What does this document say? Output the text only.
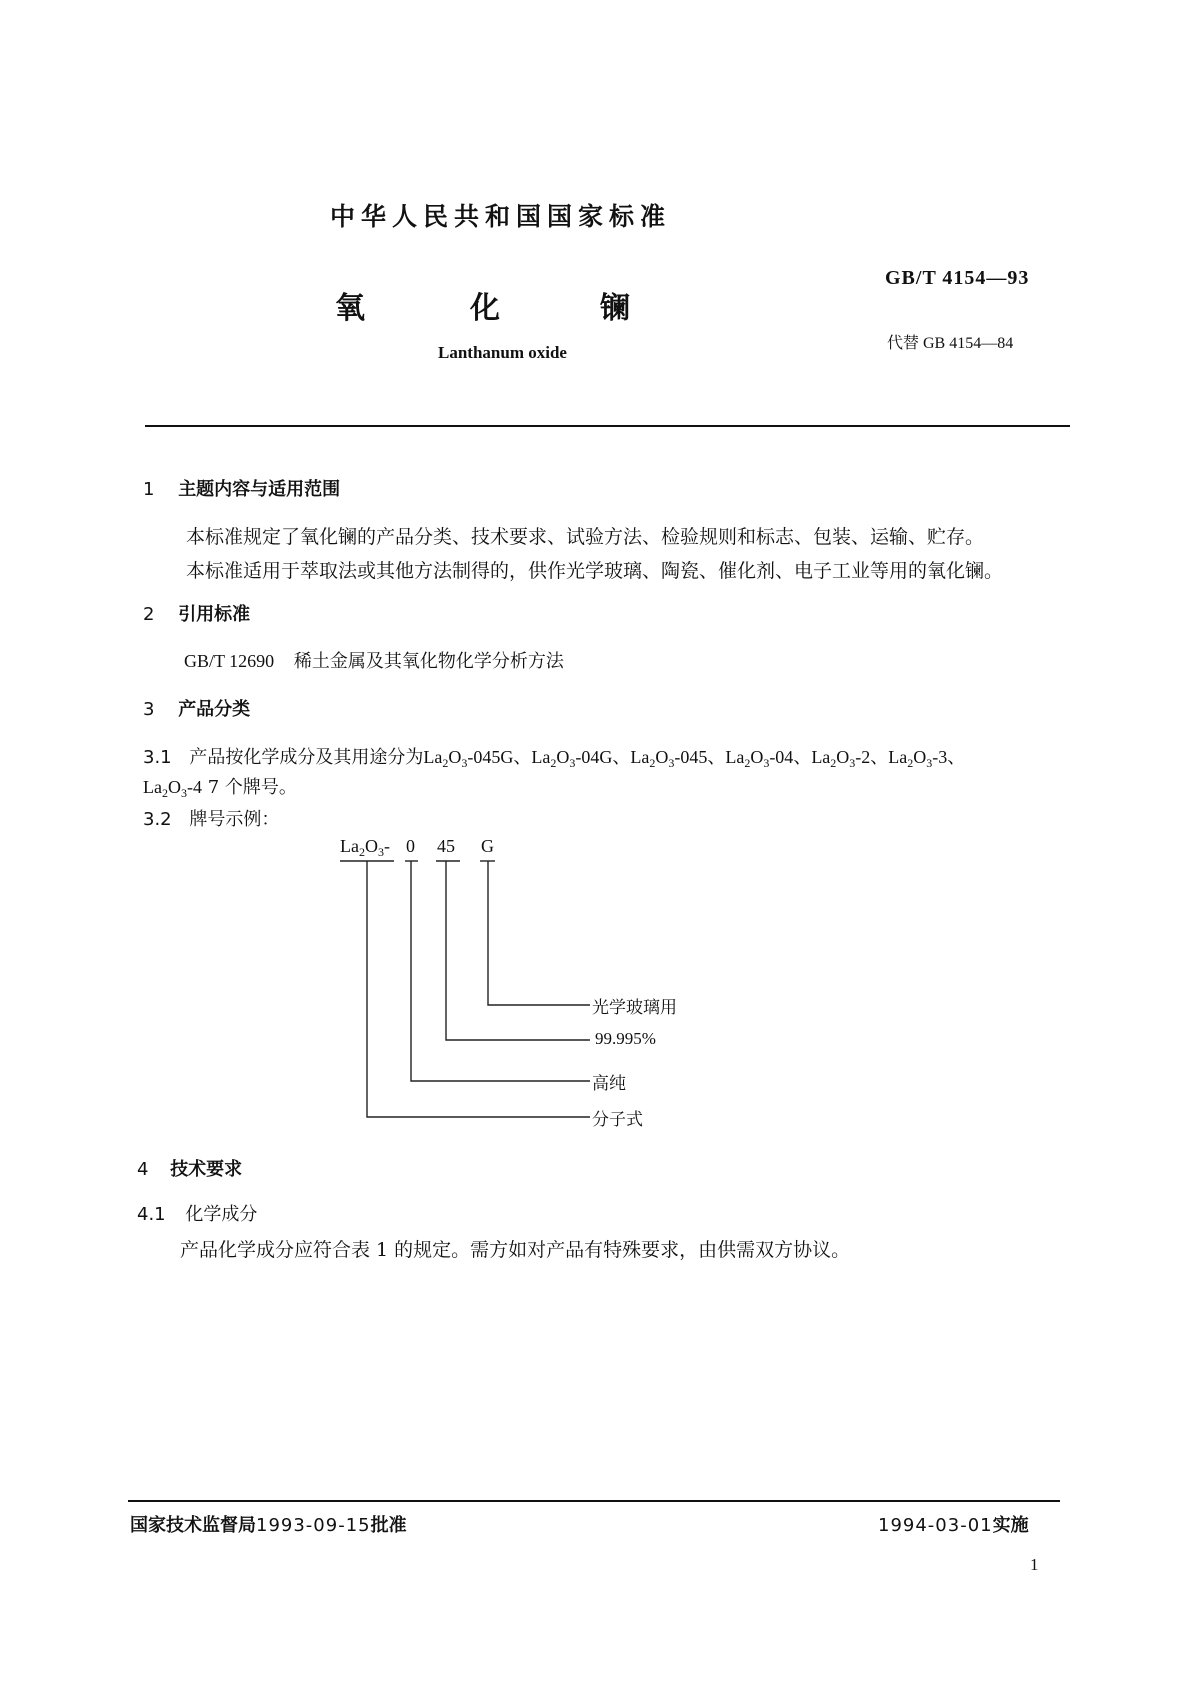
中华人民共和国国家标准
GB/T 4154—93
代替 GB 4154—84
氧	化	镧
Lanthanum oxide
1 主题内容与适用范围
本标准规定了氧化镧的产品分类、技术要求、试验方法、检验规则和标志、包装、运输、贮存。
本标准适用于萃取法或其他方法制得的，供作光学玻璃、陶瓷、催化剂、电子工业等用的氧化镧。
2 引用标准
GB/T 12690 稀土金属及其氧化物化学分析方法
3 产品分类
3.1 产品按化学成分及其用途分为$La_2O_3-045G$、$La_2O_3-04G$、$La_2O_3-045$、$La_2O_3-04$、$La_2O_3-2$、$La_2O_3-3$、
$La_2O_3-4$ 7 个牌号。
3.2 牌号示例：
$La_2O_3-$ 0 45 G
光学玻璃用
99.995%
高纯
分子式
4 技术要求
4.1 化学成分
产品化学成分应符合表 1 的规定。需方如对产品有特殊要求，由供需双方协议。
国家技术监督局1993-09-15批准	1994-03-01实施
1
